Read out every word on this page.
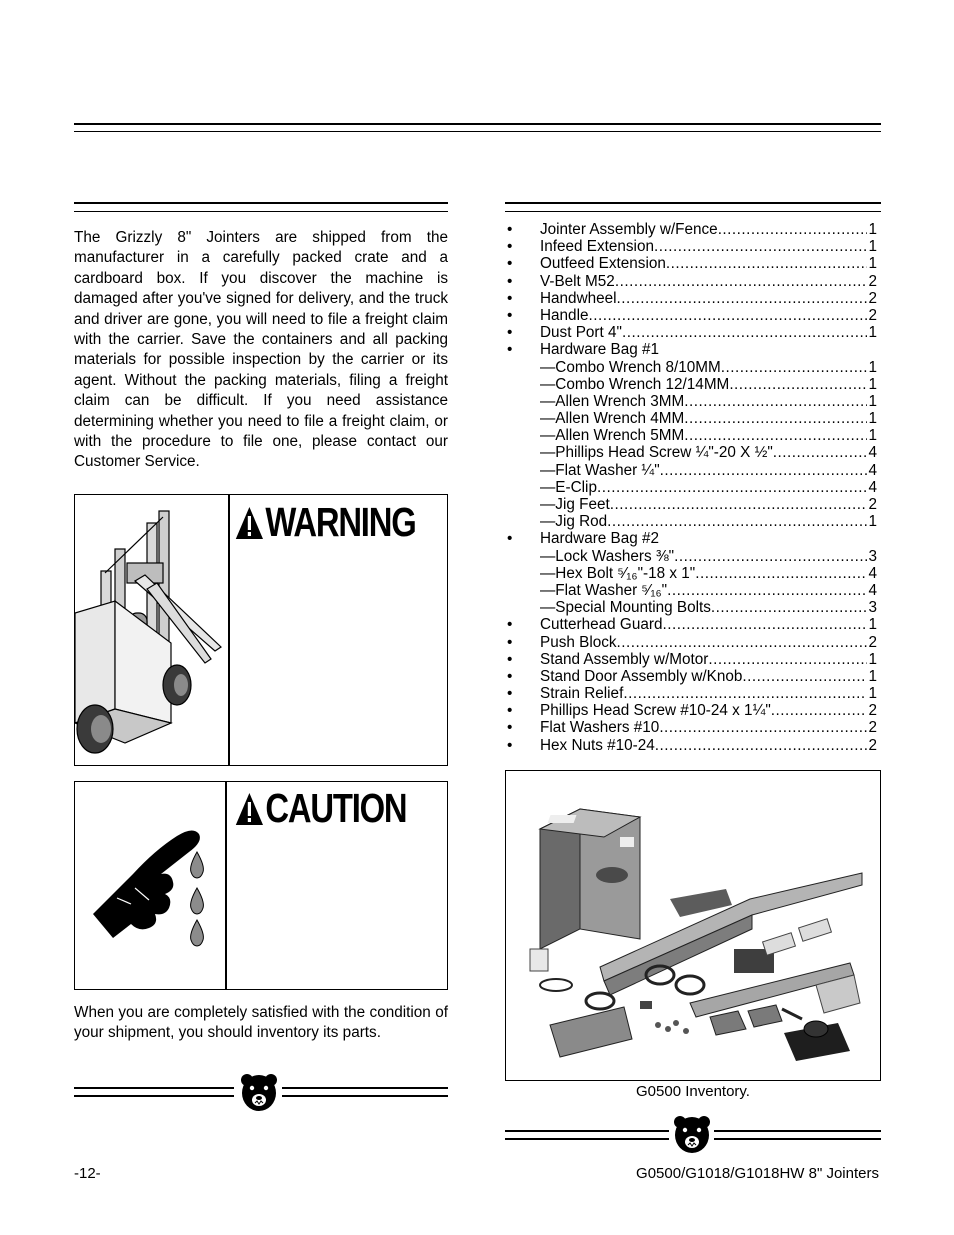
The Grizzly 8" Jointers are shipped from the manufacturer in a carefully packed crate and a cardboard box. If you discover the machine is damaged after you've signed for delivery, and the truck and driver are gone, you will need to file a freight claim with the carrier. Save the containers and all packing materials for possible inspection by the carrier or its agent. Without the packing materials, filing a freight claim can be difficult. If you need assistance determining whether you need to file a freight claim, or with the procedure to file one, please contact our Customer Service.

WARNING
CAUTION

When you are completely satisfied with the condition of your shipment, you should inventory its parts.

•	Jointer Assembly w/Fence .....	1
•	Infeed Extension .....	1
•	Outfeed Extension .....	1
•	V-Belt M52 .....	2
•	Handwheel .....	2
•	Handle .....	2
•	Dust Port 4" .....	1
•	Hardware Bag #1
—Combo Wrench 8/10MM .....	1
—Combo Wrench 12/14MM .....	1
—Allen Wrench 3MM .....	1
—Allen Wrench 4MM .....	1
—Allen Wrench 5MM .....	1
—Phillips Head Screw ¼"-20 X ½" .....	4
—Flat Washer ¼" .....	4
—E-Clip .....	4
—Jig Feet .....	2
—Jig Rod .....	1
•	Hardware Bag #2
—Lock Washers ⅜" .....	3
—Hex Bolt ⁵⁄₁₆"-18 x 1" .....	4
—Flat Washer ⁵⁄₁₆" .....	4
—Special Mounting Bolts .....	3
•	Cutterhead Guard .....	1
•	Push Block .....	2
•	Stand Assembly w/Motor .....	1
•	Stand Door Assembly w/Knob .....	1
•	Strain Relief .....	1
•	Phillips Head Screw #10-24 x 1¼" .....	2
•	Flat Washers #10 .....	2
•	Hex Nuts #10-24 .....	2
G0500 Inventory.
-12-	G0500/G1018/G1018HW 8" Jointers
